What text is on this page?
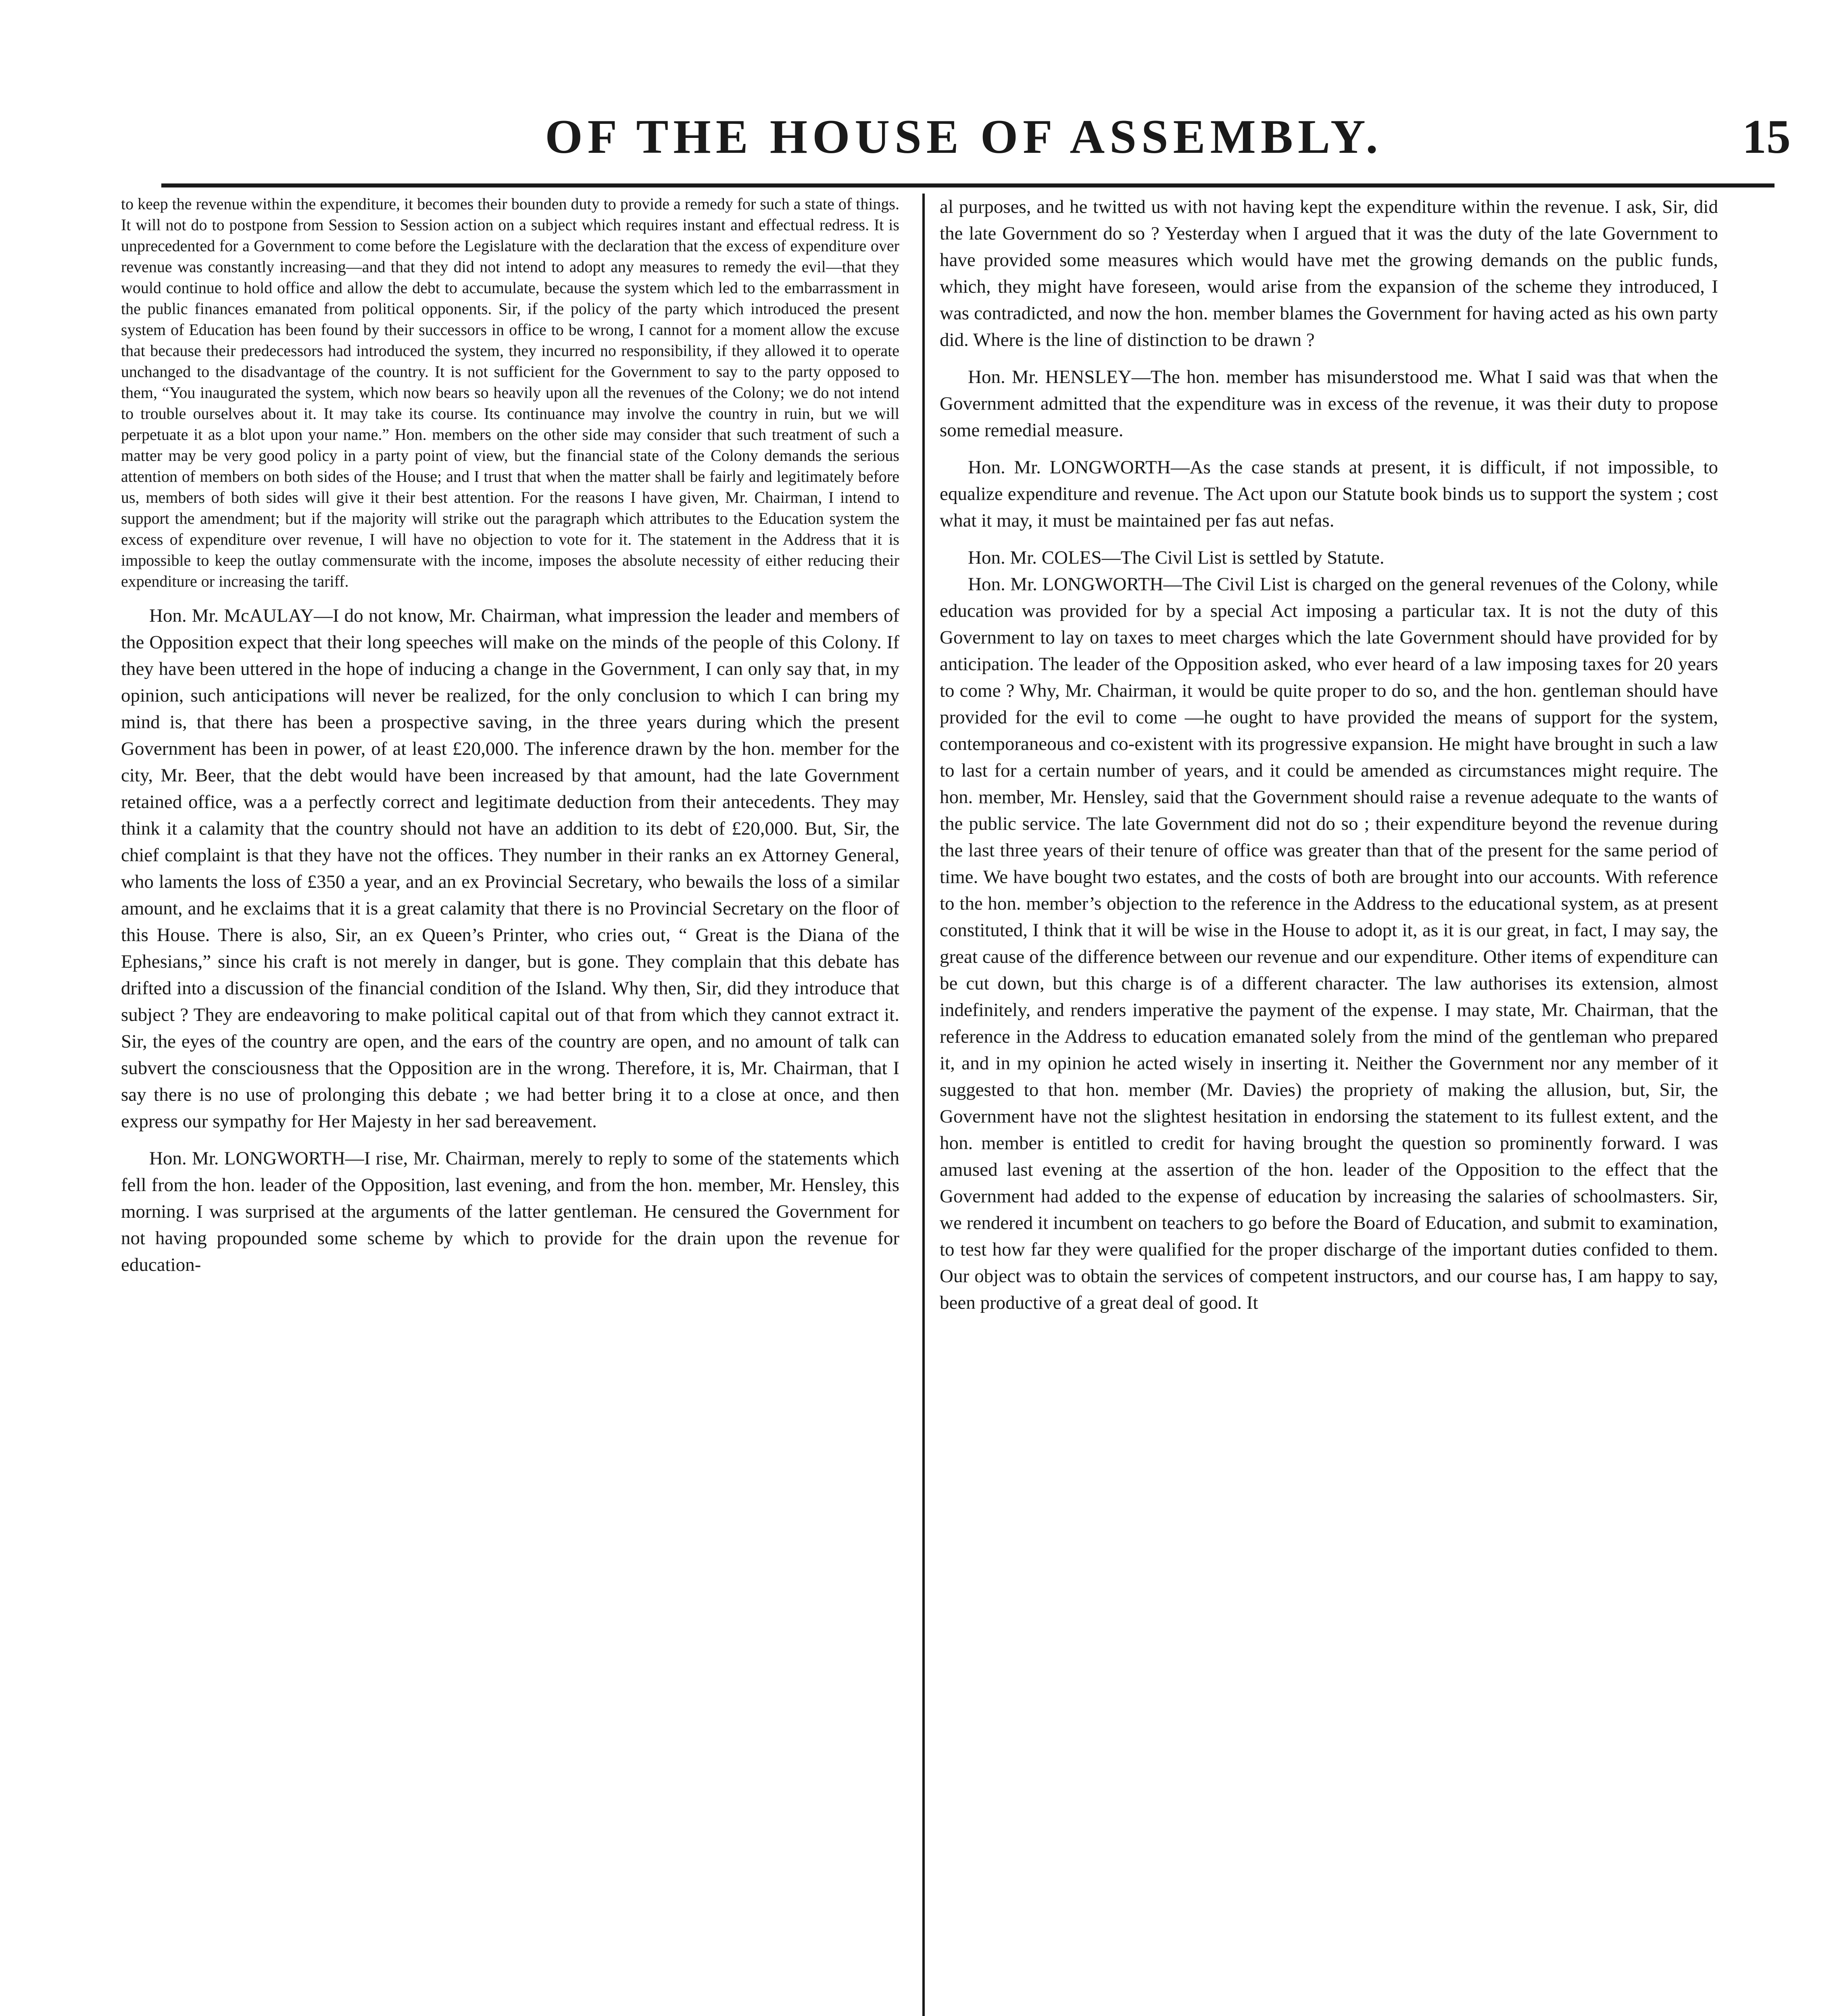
OF THE HOUSE OF ASSEMBLY.	15

to keep the revenue within the expenditure, it becomes their bounden duty to provide a remedy for such a state of things. It will not do to postpone from Session to Session action on a subject which requires instant and effectual redress. It is unprecedented for a Government to come before the Legislature with the declaration that the excess of expenditure over revenue was constantly increasing—and that they did not intend to adopt any measures to remedy the evil—that they would continue to hold office and allow the debt to accumulate, because the system which led to the embarrassment in the public finances emanated from political opponents. Sir, if the policy of the party which introduced the present system of Education has been found by their successors in office to be wrong, I cannot for a moment allow the excuse that because their predecessors had introduced the system, they incurred no responsibility, if they allowed it to operate unchanged to the disadvantage of the country. It is not sufficient for the Government to say to the party opposed to them, “You inaugurated the system, which now bears so heavily upon all the revenues of the Colony; we do not intend to trouble ourselves about it. It may take its course. Its continuance may involve the country in ruin, but we will perpetuate it as a blot upon your name.” Hon. members on the other side may consider that such treatment of such a matter may be very good policy in a party point of view, but the financial state of the Colony demands the serious attention of members on both sides of the House; and I trust that when the matter shall be fairly and legitimately before us, members of both sides will give it their best attention. For the reasons I have given, Mr. Chairman, I intend to support the amendment; but if the majority will strike out the paragraph which attributes to the Education system the excess of expenditure over revenue, I will have no objection to vote for it. The statement in the Address that it is impossible to keep the outlay commensurate with the income, imposes the absolute necessity of either reducing their expenditure or increasing the tariff.

Hon. Mr. McAULAY—I do not know, Mr. Chairman, what impression the leader and members of the Opposition expect that their long speeches will make on the minds of the people of this Colony. If they have been uttered in the hope of inducing a change in the Government, I can only say that, in my opinion, such anticipations will never be realized, for the only conclusion to which I can bring my mind is, that there has been a prospective saving, in the three years during which the present Government has been in power, of at least £20,000. The inference drawn by the hon. member for the city, Mr. Beer, that the debt would have been increased by that amount, had the late Government retained office, was a a perfectly correct and legitimate deduction from their antecedents. They may think it a calamity that the country should not have an addition to its debt of £20,000. But, Sir, the chief complaint is that they have not the offices. They number in their ranks an ex Attorney General, who laments the loss of £350 a year, and an ex Provincial Secretary, who bewails the loss of a similar amount, and he exclaims that it is a great calamity that there is no Provincial Secretary on the floor of this House. There is also, Sir, an ex Queen’s Printer, who cries out, “ Great is the Diana of the Ephesians,” since his craft is not merely in danger, but is gone. They complain that this debate has drifted into a discussion of the financial condition of the Island. Why then, Sir, did they introduce that subject ? They are endeavoring to make political capital out of that from which they cannot extract it. Sir, the eyes of the country are open, and the ears of the country are open, and no amount of talk can subvert the consciousness that the Opposition are in the wrong. Therefore, it is, Mr. Chairman, that I say there is no use of prolonging this debate ; we had better bring it to a close at once, and then express our sympathy for Her Majesty in her sad bereavement.

Hon. Mr. LONGWORTH—I rise, Mr. Chairman, merely to reply to some of the statements which fell from the hon. leader of the Opposition, last evening, and from the hon. member, Mr. Hensley, this morning. I was surprised at the arguments of the latter gentleman. He censured the Government for not having propounded some scheme by which to provide for the drain upon the revenue for education-

al purposes, and he twitted us with not having kept the expenditure within the revenue. I ask, Sir, did the late Government do so ? Yesterday when I argued that it was the duty of the late Government to have provided some measures which would have met the growing demands on the public funds, which, they might have foreseen, would arise from the expansion of the scheme they introduced, I was contradicted, and now the hon. member blames the Government for having acted as his own party did. Where is the line of distinction to be drawn ?

Hon. Mr. HENSLEY—The hon. member has misunderstood me. What I said was that when the Government admitted that the expenditure was in excess of the revenue, it was their duty to propose some remedial measure.

Hon. Mr. LONGWORTH—As the case stands at present, it is difficult, if not impossible, to equalize expenditure and revenue. The Act upon our Statute book binds us to support the system ; cost what it may, it must be maintained per fas aut nefas.

Hon. Mr. COLES—The Civil List is settled by Statute.

Hon. Mr. LONGWORTH—The Civil List is charged on the general revenues of the Colony, while education was provided for by a special Act imposing a particular tax. It is not the duty of this Government to lay on taxes to meet charges which the late Government should have provided for by anticipation. The leader of the Opposition asked, who ever heard of a law imposing taxes for 20 years to come ? Why, Mr. Chairman, it would be quite proper to do so, and the hon. gentleman should have provided for the evil to come —he ought to have provided the means of support for the system, contemporaneous and co-existent with its progressive expansion. He might have brought in such a law to last for a certain number of years, and it could be amended as circumstances might require. The hon. member, Mr. Hensley, said that the Government should raise a revenue adequate to the wants of the public service. The late Government did not do so ; their expenditure beyond the revenue during the last three years of their tenure of office was greater than that of the present for the same period of time. We have bought two estates, and the costs of both are brought into our accounts. With reference to the hon. member’s objection to the reference in the Address to the educational system, as at present constituted, I think that it will be wise in the House to adopt it, as it is our great, in fact, I may say, the great cause of the difference between our revenue and our expenditure. Other items of expenditure can be cut down, but this charge is of a different character. The law authorises its extension, almost indefinitely, and renders imperative the payment of the expense. I may state, Mr. Chairman, that the reference in the Address to education emanated solely from the mind of the gentleman who prepared it, and in my opinion he acted wisely in inserting it. Neither the Government nor any member of it suggested to that hon. member (Mr. Davies) the propriety of making the allusion, but, Sir, the Government have not the slightest hesitation in endorsing the statement to its fullest extent, and the hon. member is entitled to credit for having brought the question so prominently forward. I was amused last evening at the assertion of the hon. leader of the Opposition to the effect that the Government had added to the expense of education by increasing the salaries of schoolmasters. Sir, we rendered it incumbent on teachers to go before the Board of Education, and submit to examination, to test how far they were qualified for the proper discharge of the important duties confided to them. Our object was to obtain the services of competent instructors, and our course has, I am happy to say, been productive of a great deal of good. It
